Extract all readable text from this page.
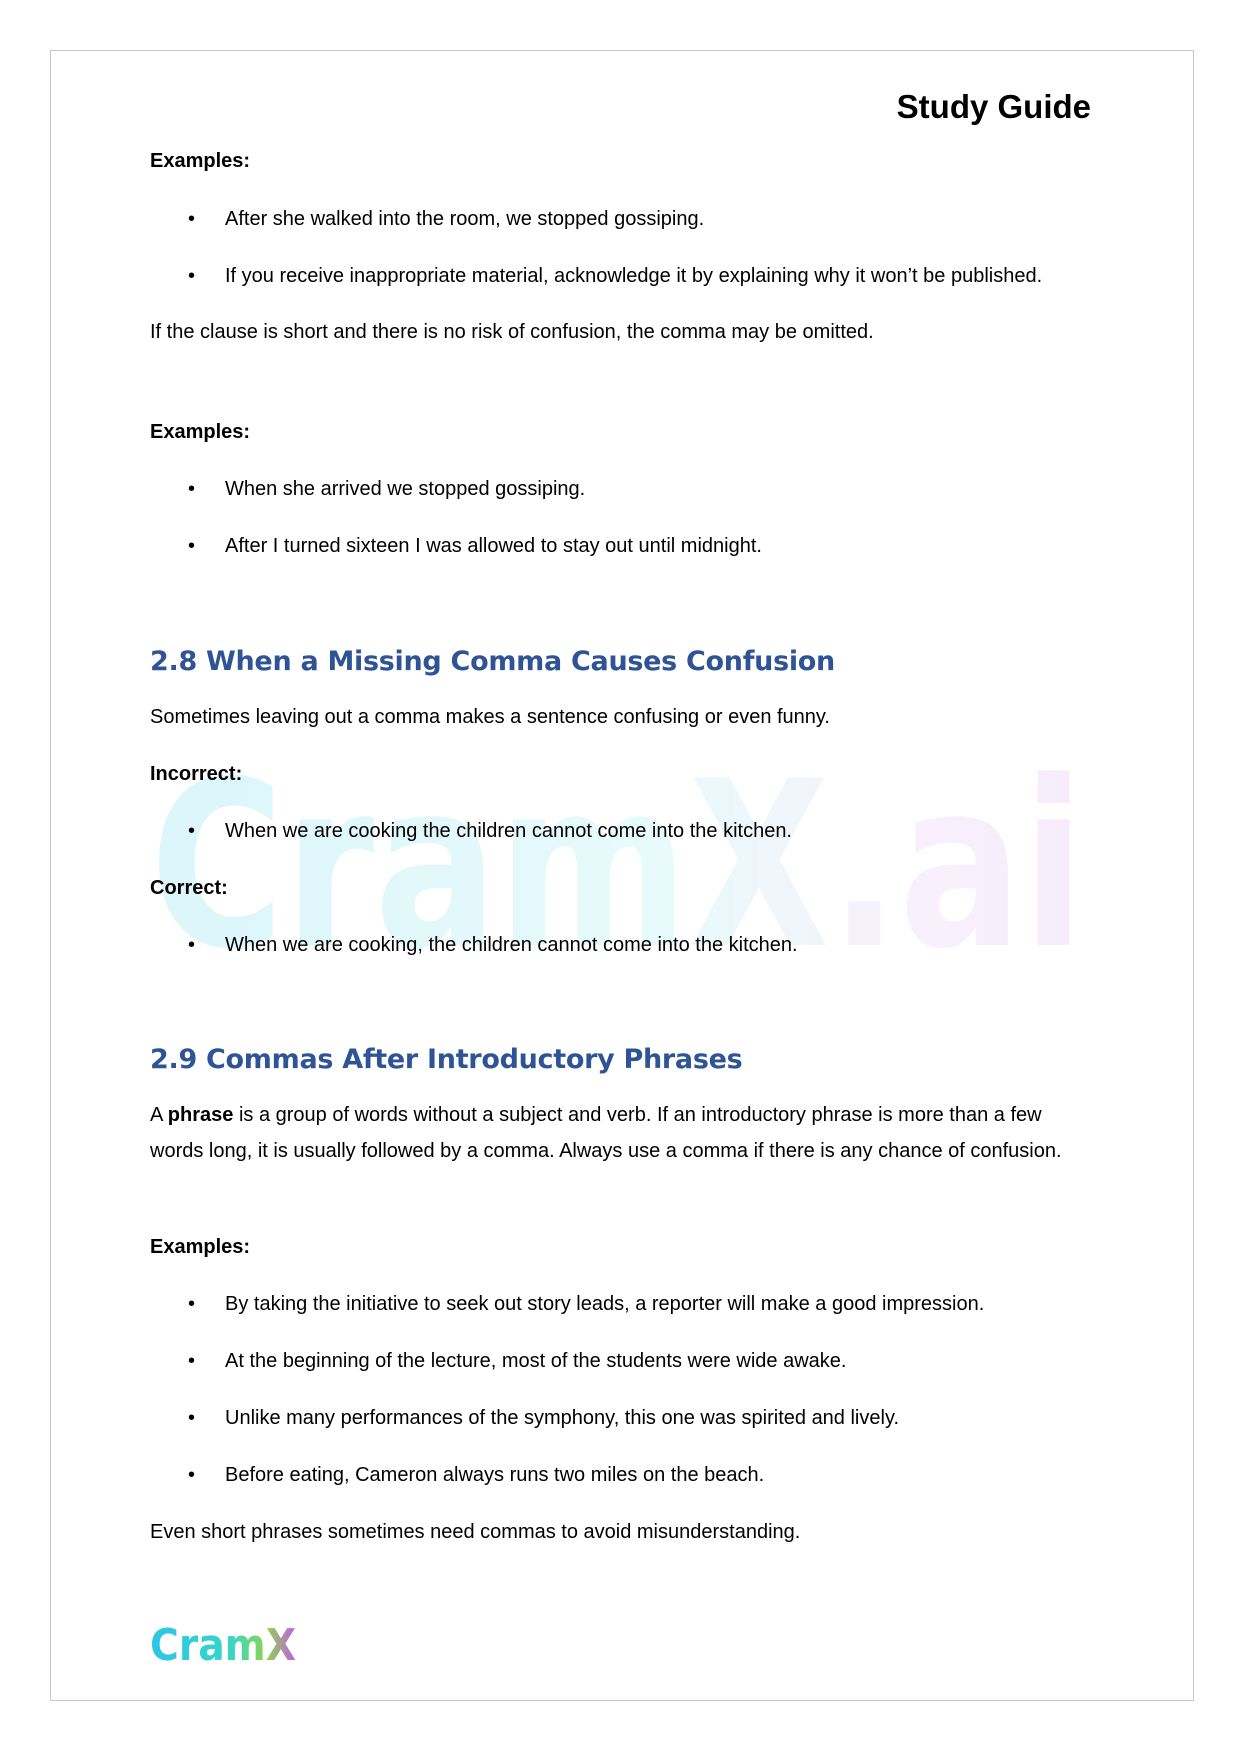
CramX.ai
Study Guide
Examples:
• After she walked into the room, we stopped gossiping.
• If you receive inappropriate material, acknowledge it by explaining why it won’t be published.
If the clause is short and there is no risk of confusion, the comma may be omitted.
Examples:
• When she arrived we stopped gossiping.
• After I turned sixteen I was allowed to stay out until midnight.
2.8 When a Missing Comma Causes Confusion
Sometimes leaving out a comma makes a sentence confusing or even funny.
Incorrect:
• When we are cooking the children cannot come into the kitchen.
Correct:
• When we are cooking, the children cannot come into the kitchen.
2.9 Commas After Introductory Phrases
A phrase is a group of words without a subject and verb. If an introductory phrase is more than a few words long, it is usually followed by a comma. Always use a comma if there is any chance of confusion.
Examples:
• By taking the initiative to seek out story leads, a reporter will make a good impression.
• At the beginning of the lecture, most of the students were wide awake.
• Unlike many performances of the symphony, this one was spirited and lively.
• Before eating, Cameron always runs two miles on the beach.
Even short phrases sometimes need commas to avoid misunderstanding.
CramX
